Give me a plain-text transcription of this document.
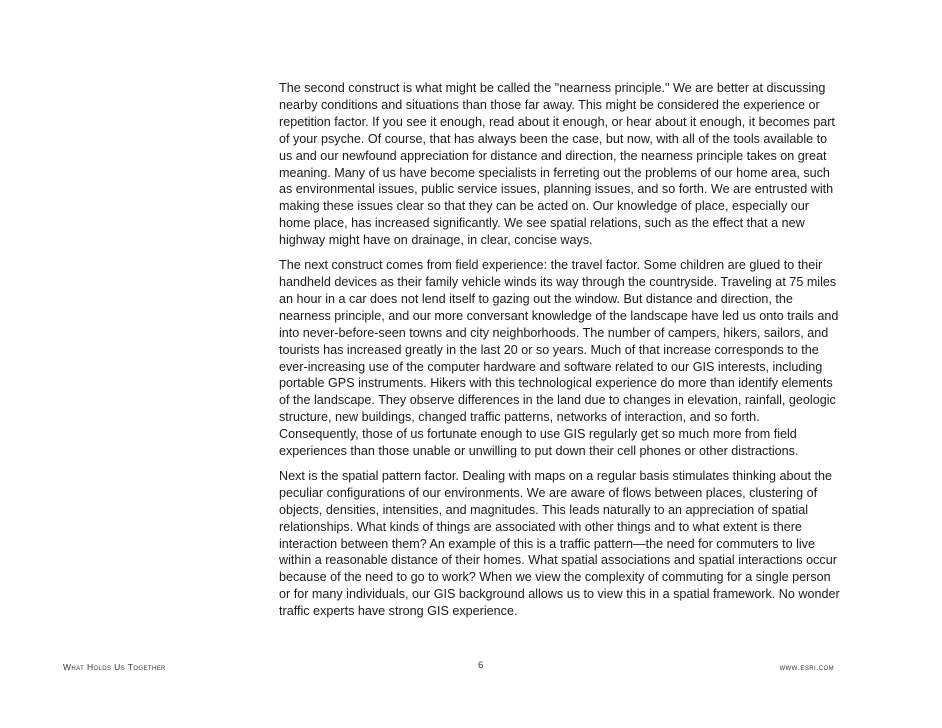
The second construct is what might be called the "nearness principle." We are better at discussing nearby conditions and situations than those far away. This might be considered the experience or repetition factor. If you see it enough, read about it enough, or hear about it enough, it becomes part of your psyche. Of course, that has always been the case, but now, with all of the tools available to us and our newfound appreciation for distance and direction, the nearness principle takes on great meaning. Many of us have become specialists in ferreting out the problems of our home area, such as environmental issues, public service issues, planning issues, and so forth. We are entrusted with making these issues clear so that they can be acted on. Our knowledge of place, especially our home place, has increased significantly. We see spatial relations, such as the effect that a new highway might have on drainage, in clear, concise ways.

The next construct comes from field experience: the travel factor. Some children are glued to their handheld devices as their family vehicle winds its way through the countryside. Traveling at 75 miles an hour in a car does not lend itself to gazing out the window. But distance and direction, the nearness principle, and our more conversant knowledge of the landscape have led us onto trails and into never-before-seen towns and city neighborhoods. The number of campers, hikers, sailors, and tourists has increased greatly in the last 20 or so years. Much of that increase corresponds to the ever-increasing use of the computer hardware and software related to our GIS interests, including portable GPS instruments. Hikers with this technological experience do more than identify elements of the landscape. They observe differences in the land due to changes in elevation, rainfall, geologic structure, new buildings, changed traffic patterns, networks of interaction, and so forth. Consequently, those of us fortunate enough to use GIS regularly get so much more from field experiences than those unable or unwilling to put down their cell phones or other distractions.

Next is the spatial pattern factor. Dealing with maps on a regular basis stimulates thinking about the peculiar configurations of our environments. We are aware of flows between places, clustering of objects, densities, intensities, and magnitudes. This leads naturally to an appreciation of spatial relationships. What kinds of things are associated with other things and to what extent is there interaction between them? An example of this is a traffic pattern—the need for commuters to live within a reasonable distance of their homes. What spatial associations and spatial interactions occur because of the need to go to work? When we view the complexity of commuting for a single person or for many individuals, our GIS background allows us to view this in a spatial framework. No wonder traffic experts have strong GIS experience.

What Holds Us Together	6	www.esri.com
